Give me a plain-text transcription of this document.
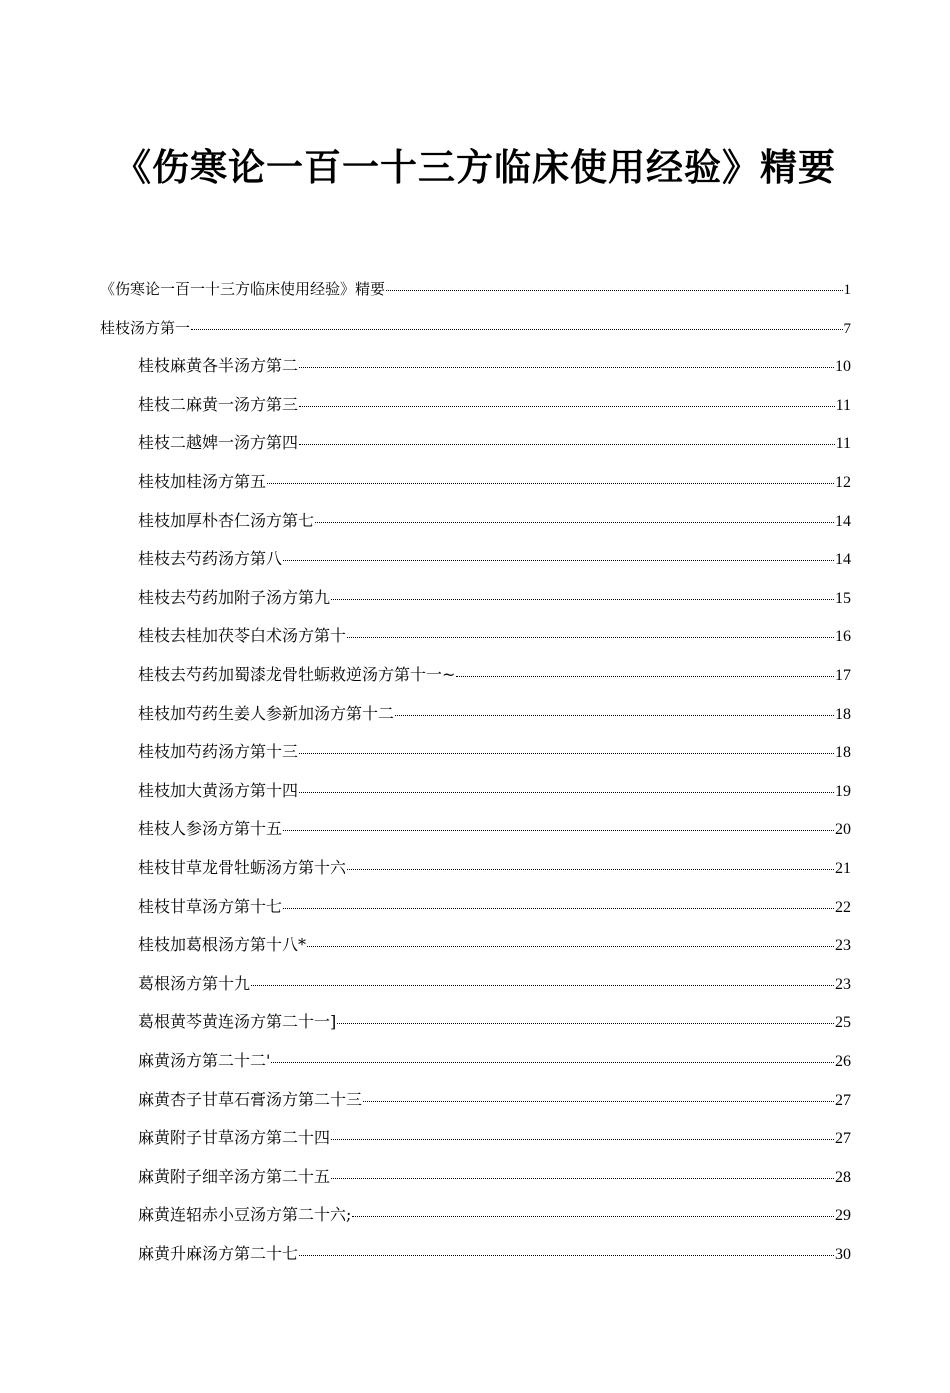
《伤寒论一百一十三方临床使用经验》精要
《伤寒论一百一十三方临床使用经验》精要	1
桂枝汤方第一	7
桂枝麻黄各半汤方第二	10
桂枝二麻黄一汤方第三	11
桂枝二越婢一汤方第四	11
桂枝加桂汤方第五	12
桂枝加厚朴杏仁汤方第七	14
桂枝去芍药汤方第八	14
桂枝去芍药加附子汤方第九	15
桂枝去桂加茯苓白术汤方第十	16
桂枝去芍药加蜀漆龙骨牡蛎救逆汤方第十一~	17
桂枝加芍药生姜人参新加汤方第十二	18
桂枝加芍药汤方第十三	18
桂枝加大黄汤方第十四	19
桂枝人参汤方第十五	20
桂枝甘草龙骨牡蛎汤方第十六	21
桂枝甘草汤方第十七	22
桂枝加葛根汤方第十八*	23
葛根汤方第十九	23
葛根黄芩黄连汤方第二十一]	25
麻黄汤方第二十二'	26
麻黄杏子甘草石膏汤方第二十三	27
麻黄附子甘草汤方第二十四	27
麻黄附子细辛汤方第二十五	28
麻黄连轺赤小豆汤方第二十六;	29
麻黄升麻汤方第二十七	30
